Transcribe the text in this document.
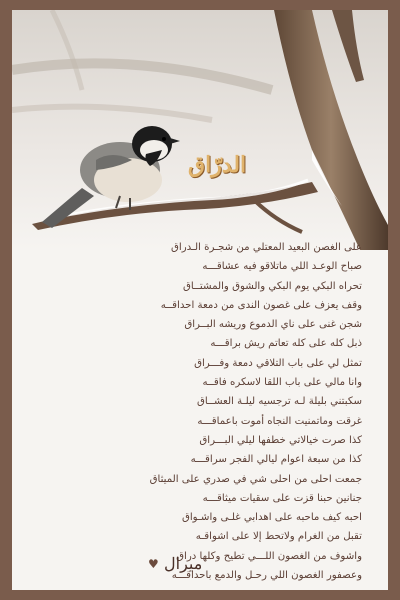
الدرّاق
على الغصن البعيد المعتلي من شجـرة الـدراق
صباح الوعـد اللي ماتلاقو فيه عشاقـــه
تحراه البكي يوم البكي والشوق والمشتــاق
وقف يعزف على غصون الندى من دمعة احداقــه
شجن غنى على ناي الدموع وريشه البــراق
ذبل كله على كله تعاتم ريش براقـــه
تمثل لي على باب التلاقي دمعة وفـــراق
وانا مالي على باب اللقا لاسكره فاقــه
سكبتني بليلة لـه ترجسيه ليلـة العشــاق
غرقت وماتمنيت النجاه أموت باعماقـــه
كذا صرت خيالاتي خطفها ليلي البـــراق
كذا من سبعة اعوام ليالي الفجر سراقـــه
جمعت احلى من احلى شي في صدري على الميثاق
جنانين حبنا قزت على سقيات ميثاقـــه
احبه كيف ماحبه على اهدابي غلـى واشـواق
تقبل من الغرام ولاتحط إلا على اشواقـه
واشوف من الغصون اللـــي تطيح وكلها دراق
وعصفور الغصون اللي رحـل والدمع باحداقـــه
♥ ميرال
